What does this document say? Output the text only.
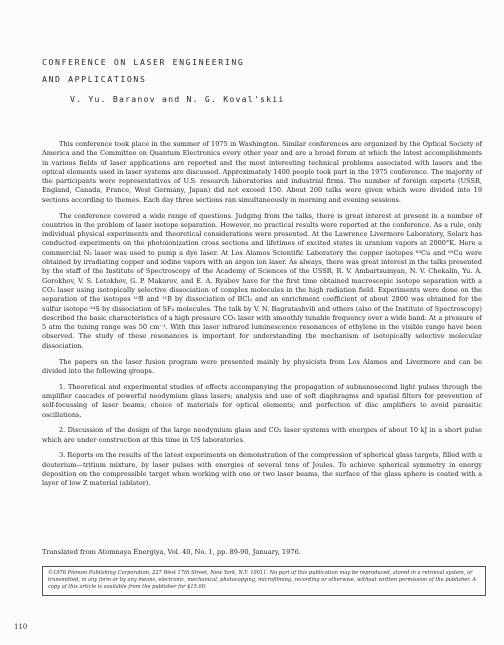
CONFERENCE ON LASER ENGINEERING
AND APPLICATIONS
V. Yu. Baranov and N. G. Koval'skii

This conference took place in the summer of 1975 in Washington. Similar conferences are organized by the Optical Society of America and the Committee on Quantum Electronics every other year and are a broad forum at which the latest accomplishments in various fields of laser applications are reported and the most interesting technical problems associated with lasers and the optical elements used in laser systems are discussed. Approximately 1400 people took part in the 1975 conference. The majority of the participants were representatives of U.S. research laboratories and industrial firms. The number of foreign experts (USSR, England, Canada, France, West Germany, Japan) did not exceed 150. About 200 talks were given which were divided into 19 sections according to themes. Each day three sections ran simultaneously in morning and evening sessions.

The conference covered a wide range of questions. Judging from the talks, there is great interest at present in a number of countries in the problem of laser isotope separation. However, no practical results were reported at the conference. As a rule, only individual physical experiments and theoretical considerations were presented. At the Lawrence Livermore Laboratory, Solarz has conducted experiments on the photoionization cross sections and lifetimes of excited states in uranium vapors at 2000°K. Here a commercial N₂ laser was used to pump a dye laser. At Los Alamos Scientific Laboratory the copper isotopes ⁶³Cu and ⁶⁵Cu were obtained by irradiating copper and iodine vapors with an argon ion laser. As always, there was great interest in the talks presented by the staff of the Institute of Spectroscopy of the Academy of Sciences of the USSR, R. V. Ambartsumyan, N. V. Chekalin, Yu. A. Gorokhov, V. S. Letokhov, G. P. Makarov, and E. A. Ryabov have for the first time obtained macroscopic isotope separation with a CO₂ laser using isotopically selective dissociation of complex molecules in the high radiation field. Experiments were done on the separation of the isotopes ¹⁰B and ¹¹B by dissociation of BCl₃ and an enrichment coefficient of about 2800 was obtained for the sulfur isotope ³⁴S by dissociation of SF₆ molecules. The talk by V. N. Bagratashvili and others (also of the Institute of Spectroscopy) described the basic characteristics of a high pressure CO₂ laser with smoothly tunable frequency over a wide band. At a pressure of 5 atm the tuning range was 50 cm⁻¹. With this laser infrared luminescence resonances of ethylene in the visible range have been observed. The study of these resonances is important for understanding the mechanism of isotopically selective molecular dissociation.

The papers on the laser fusion program were presented mainly by physicists from Los Alamos and Livermore and can be divided into the following groups.

1. Theoretical and experimental studies of effects accompanying the propagation of subnanosecond light pulses through the amplifier cascades of powerful neodymium glass lasers; analysis and use of soft diaphragms and spatial filters for prevention of self-focussing of laser beams; choice of materials for optical elements; and perfection of disc amplifiers to avoid parasitic oscillations.

2. Discussion of the design of the large neodymium glass and CO₂ laser systems with energies of about 10 kJ in a short pulse which are under construction at this time in US laboratories.

3. Reports on the results of the latest experiments on demonstration of the compression of spherical glass targets, filled with a deuterium—tritium mixture, by laser pulses with energies of several tens of Joules. To achieve spherical symmetry in energy deposition on the compressible target when working with one or two laser beams, the surface of the glass sphere is coated with a layer of low Z material (ablator).

Translated from Atomnaya Énergiya, Vol. 40, No. 1, pp. 89-90, January, 1976.
©1976 Plenum Publishing Corporation, 227 West 17th Street, New York, N.Y. 10011. No part of this publication may be reproduced, stored in a retrieval system, or transmitted, in any form or by any means, electronic, mechanical, photocopying, microfilming, recording or otherwise, without written permission of the publisher. A copy of this article is available from the publisher for $15.00.
110
